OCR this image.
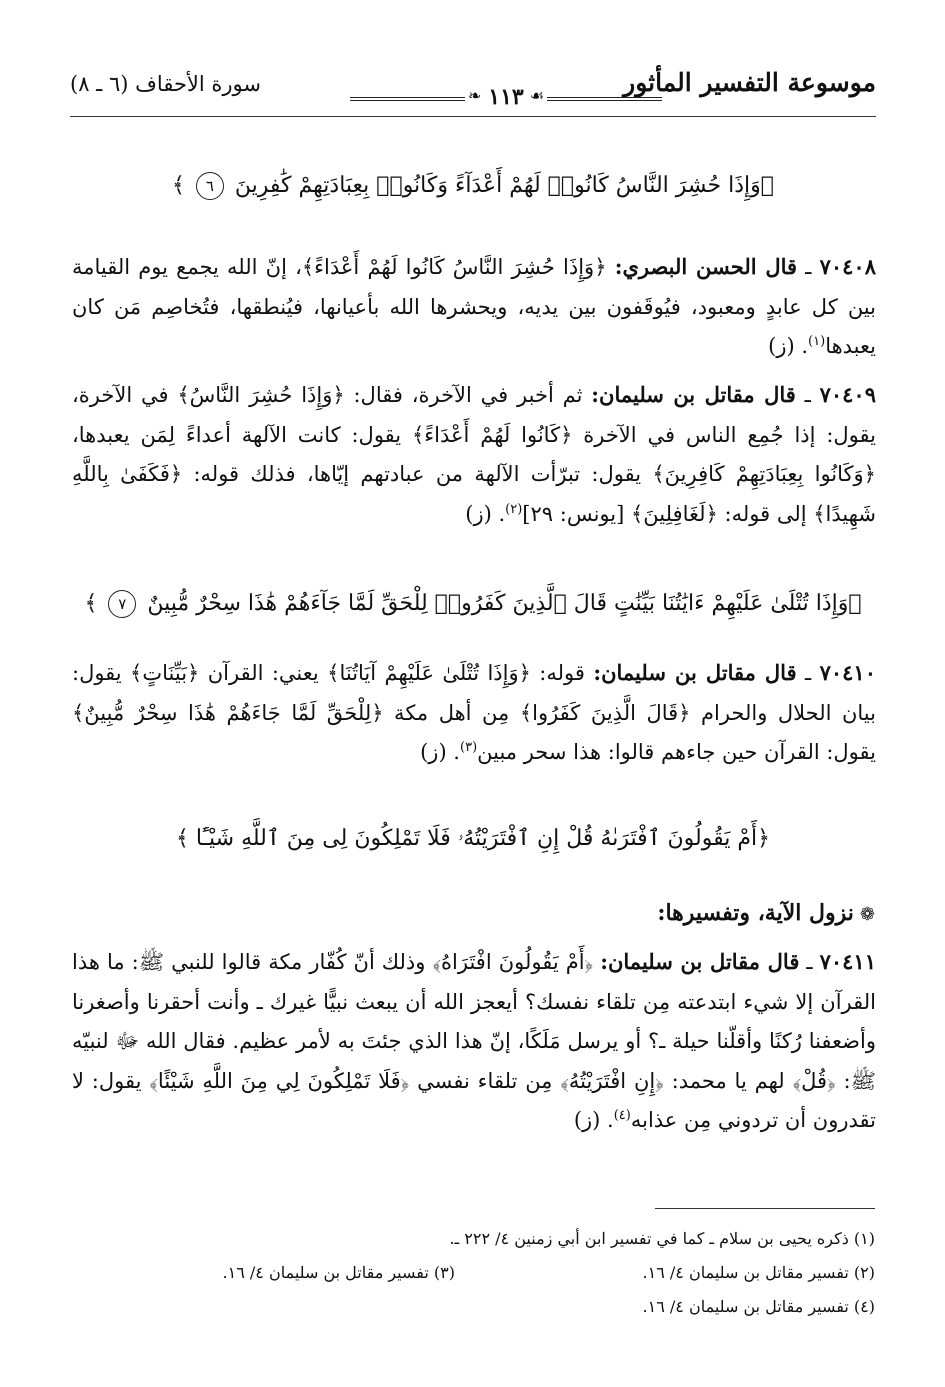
موسوعة التفسير المأثور
❧ ١١٣ ☙
سورة الأحقاف (٦ ـ ٨)
﴿وَإِذَا حُشِرَ النَّاسُ كَانُوا۟ لَهُمْ أَعْدَآءً وَكَانُوا۟ بِعِبَادَتِهِمْ كَٰفِرِينَ ٦ ﴾
٧٠٤٠٨ ـ قال الحسن البصري: ﴿وَإِذَا حُشِرَ النَّاسُ كَانُوا لَهُمْ أَعْدَاءً﴾، إنّ الله يجمع يوم القيامة بين كل عابدٍ ومعبود، فيُوقَفون بين يديه، ويحشرها الله بأعيانها، فيُنطقها، فتُخاصِم مَن كان يعبدها$^{(١)}$. (ز)
٧٠٤٠٩ ـ قال مقاتل بن سليمان: ثم أخبر في الآخرة، فقال: ﴿وَإِذَا حُشِرَ النَّاسُ﴾ في الآخرة، يقول: إذا جُمِع الناس في الآخرة ﴿كَانُوا لَهُمْ أَعْدَاءً﴾ يقول: كانت الآلهة أعداءً لِمَن يعبدها، ﴿وَكَانُوا بِعِبَادَتِهِمْ كَافِرِينَ﴾ يقول: تبرّأت الآلهة من عبادتهم إيّاها، فذلك قوله: ﴿فَكَفَىٰ بِاللَّهِ شَهِيدًا﴾ إلى قوله: ﴿لَغَافِلِينَ﴾ [يونس: ٢٩]$^{(٢)}$. (ز)
﴿وَإِذَا تُتْلَىٰ عَلَيْهِمْ ءَايَٰتُنَا بَيِّنَٰتٍ قَالَ ٱلَّذِينَ كَفَرُوا۟ لِلْحَقِّ لَمَّا جَآءَهُمْ هَٰذَا سِحْرٌ مُّبِينٌ ٧ ﴾
٧٠٤١٠ ـ قال مقاتل بن سليمان: قوله: ﴿وَإِذَا تُتْلَىٰ عَلَيْهِمْ آيَاتُنَا﴾ يعني: القرآن ﴿بَيِّنَاتٍ﴾ يقول: بيان الحلال والحرام ﴿قَالَ الَّذِينَ كَفَرُوا﴾ مِن أهل مكة ﴿لِلْحَقِّ لَمَّا جَاءَهُمْ هَٰذَا سِحْرٌ مُّبِينٌ﴾ يقول: القرآن حين جاءهم قالوا: هذا سحر مبين$^{(٣)}$. (ز)
﴿أَمْ يَقُولُونَ ٱفْتَرَىٰهُ قُلْ إِنِ ٱفْتَرَيْتُهُۥ فَلَا تَمْلِكُونَ لِى مِنَ ٱللَّهِ شَيْـًٔا ﴾
❁نزول الآية، وتفسيرها:
٧٠٤١١ ـ قال مقاتل بن سليمان: ﴿أَمْ يَقُولُونَ افْتَرَاهُ﴾ وذلك أنّ كُفّار مكة قالوا للنبي ﷺ: ما هذا القرآن إلا شيء ابتدعته مِن تلقاء نفسك؟ أيعجز الله أن يبعث نبيًّا غيرك ـ وأنت أحقرنا وأصغرنا وأضعفنا رُكنًا وأقلّنا حيلة ـ؟ أو يرسل مَلَكًا، إنّ هذا الذي جئتَ به لأمر عظيم. فقال الله ﷻ لنبيّه ﷺ: ﴿قُلْ﴾ لهم يا محمد: ﴿إِنِ افْتَرَيْتُهُ﴾ مِن تلقاء نفسي ﴿فَلَا تَمْلِكُونَ لِي مِنَ اللَّهِ شَيْئًا﴾ يقول: لا تقدرون أن تردوني مِن عذابه$^{(٤)}$. (ز)
(١) ذكره يحيى بن سلام ـ كما في تفسير ابن أبي زمنين ٤/ ٢٢٢ ـ.
(٢) تفسير مقاتل بن سليمان ٤/ ١٦.
(٣) تفسير مقاتل بن سليمان ٤/ ١٦.
(٤) تفسير مقاتل بن سليمان ٤/ ١٦.
